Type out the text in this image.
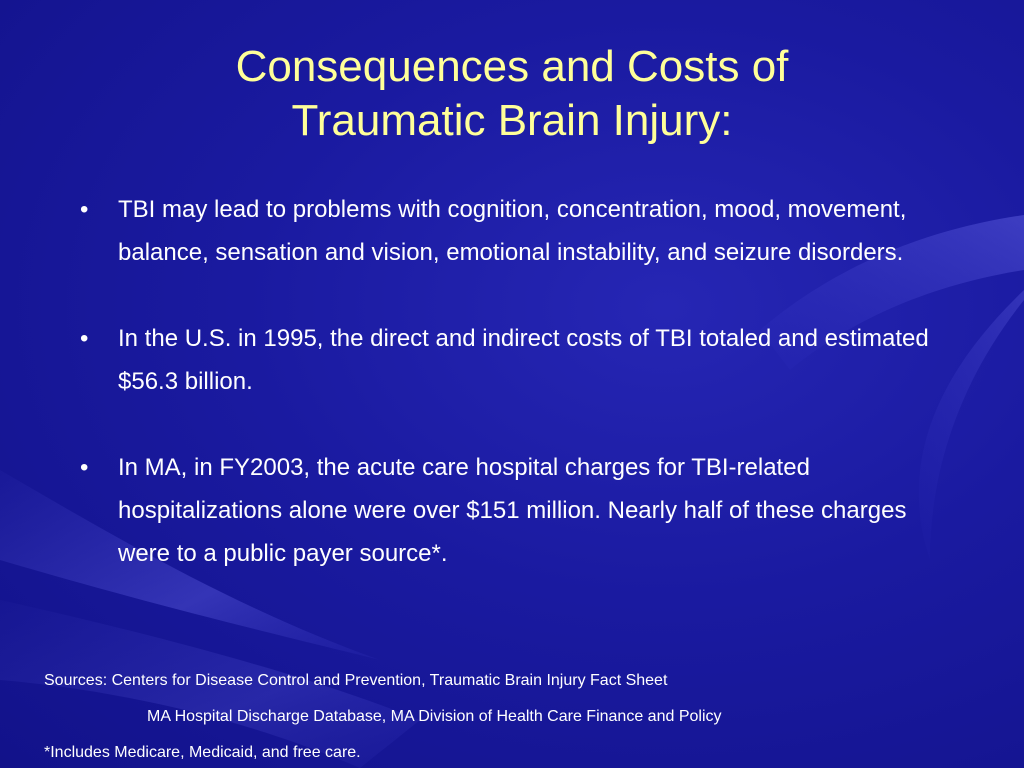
Consequences and Costs of
Traumatic Brain Injury:
•	TBI may lead to problems with cognition, concentration, mood, movement, balance, sensation and vision, emotional instability, and seizure disorders.
•	In the U.S. in 1995, the direct and indirect costs of TBI totaled and estimated $56.3 billion.
•	In MA, in FY2003, the acute care hospital charges for TBI-related hospitalizations alone were over $151 million. Nearly half of these charges were to a public payer source*.
Sources: Centers for Disease Control and Prevention, Traumatic Brain Injury Fact Sheet
MA Hospital Discharge Database, MA Division of Health Care Finance and Policy
*Includes Medicare, Medicaid, and free care.
